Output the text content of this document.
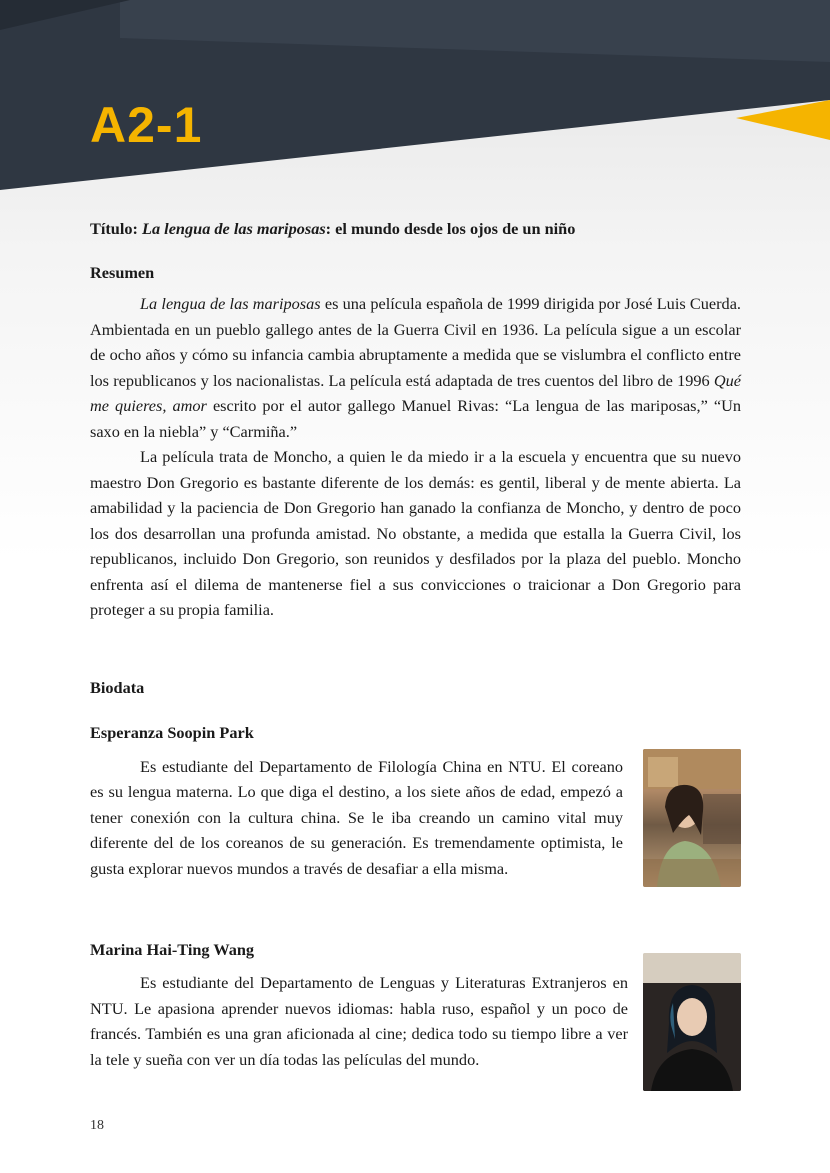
A2-1

Título: La lengua de las mariposas: el mundo desde los ojos de un niño

Resumen

La lengua de las mariposas es una película española de 1999 dirigida por José Luis Cuerda. Ambientada en un pueblo gallego antes de la Guerra Civil en 1936. La película sigue a un escolar de ocho años y cómo su infancia cambia abruptamente a medida que se vislumbra el conflicto entre los republicanos y los nacionalistas. La película está adaptada de tres cuentos del libro de 1996 Qué me quieres, amor escrito por el autor gallego Manuel Rivas: “La lengua de las mariposas,” “Un saxo en la niebla” y “Carmiña.”

La película trata de Moncho, a quien le da miedo ir a la escuela y encuentra que su nuevo maestro Don Gregorio es bastante diferente de los demás: es gentil, liberal y de mente abierta. La amabilidad y la paciencia de Don Gregorio han ganado la confianza de Moncho, y dentro de poco los dos desarrollan una profunda amistad. No obstante, a medida que estalla la Guerra Civil, los republicanos, incluido Don Gregorio, son reunidos y desfilados por la plaza del pueblo. Moncho enfrenta así el dilema de mantenerse fiel a sus convicciones o traicionar a Don Gregorio para proteger a su propia familia.

Biodata

Esperanza Soopin Park

Es estudiante del Departamento de Filología China en NTU. El coreano es su lengua materna. Lo que diga el destino, a los siete años de edad, empezó a tener conexión con la cultura china. Se le iba creando un camino vital muy diferente del de los coreanos de su generación. Es tremendamente optimista, le gusta explorar nuevos mundos a través de desafiar a ella misma.

Marina Hai-Ting Wang

Es estudiante del Departamento de Lenguas y Literaturas Extranjeros en NTU. Le apasiona aprender nuevos idiomas: habla ruso, español y un poco de francés. También es una gran aficionada al cine; dedica todo su tiempo libre a ver la tele y sueña con ver un día todas las películas del mundo.

18
